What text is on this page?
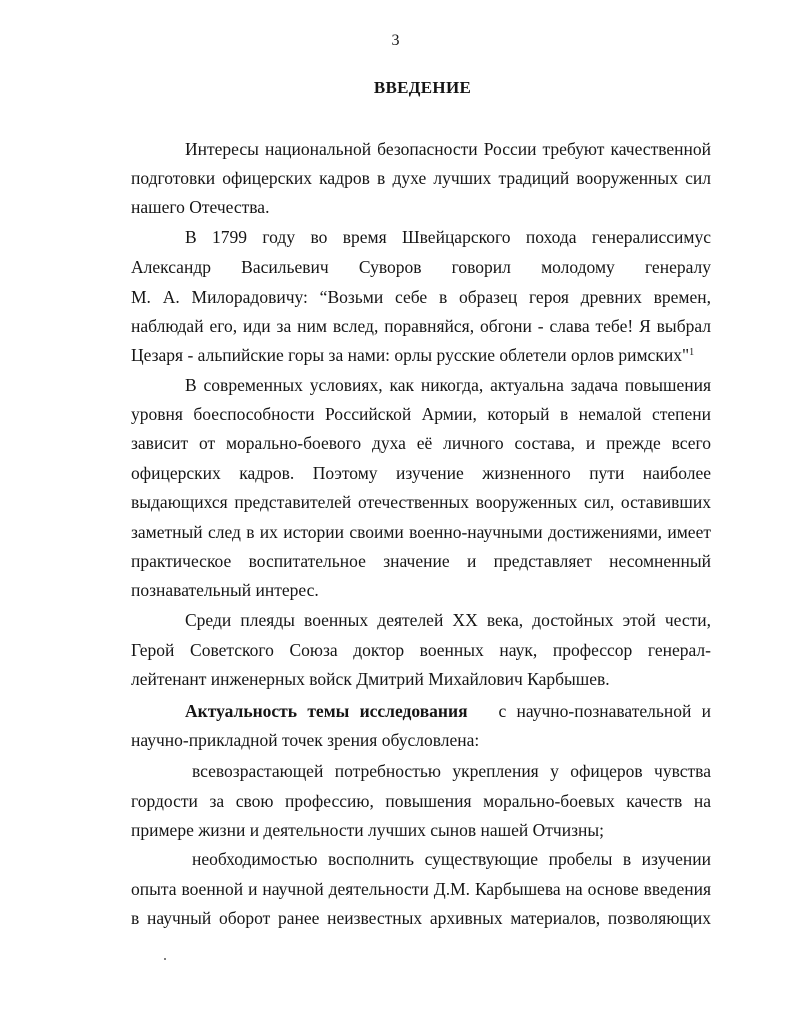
3
ВВЕДЕНИЕ
Интересы национальной безопасности России требуют качественной
подготовки офицерских кадров в духе лучших традиций вооруженных сил
нашего Отечества.
В 1799 году во время Швейцарского похода генералиссимус
Александр Васильевич Суворов говорил молодому генералу
М. А. Милорадовичу: “Возьми себе в образец героя древних времен,
наблюдай его, иди за ним вслед, поравняйся, обгони - слава тебе! Я выбрал
Цезаря - альпийские горы за нами: орлы русские облетели орлов римских"$^1$
В современных условиях, как никогда, актуальна задача повышения
уровня боеспособности Российской Армии, который в немалой степени
зависит от морально-боевого духа её личного состава, и прежде всего
офицерских кадров. Поэтому изучение жизненного пути наиболее
выдающихся представителей отечественных вооруженных сил, оставивших
заметный след в их истории своими военно-научными достижениями, имеет
практическое воспитательное значение и представляет несомненный
познавательный интерес.
Среди плеяды военных деятелей XX века, достойных этой чести,
Герой Советского Союза доктор военных наук, профессор генерал-
лейтенант инженерных войск Дмитрий Михайлович Карбышев.
Актуальность темы исследования с научно-познавательной и
научно-прикладной точек зрения обусловлена:
всевозрастающей потребностью укрепления у офицеров чувства
гордости за свою профессию, повышения морально-боевых качеств на
примере жизни и деятельности лучших сынов нашей Отчизны;
необходимостью восполнить существующие пробелы в изучении
опыта военной и научной деятельности Д.М. Карбышева на основе введения
в научный оборот ранее неизвестных архивных материалов, позволяющих
